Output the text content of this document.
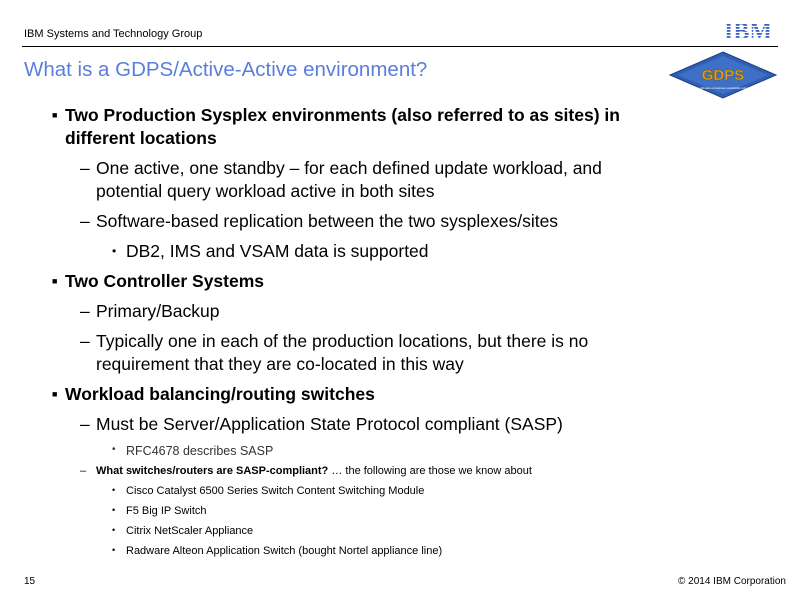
IBM Systems and Technology Group	IBM
What is a GDPS/Active-Active environment?	GDPS
The ultimate e-business availability solution
■ Two Production Sysplex environments (also referred to as sites) in different locations
– One active, one standby – for each defined update workload, and potential query workload active in both sites
– Software-based replication between the two sysplexes/sites
• DB2, IMS and VSAM data is supported
■ Two Controller Systems
– Primary/Backup
– Typically one in each of the production locations, but there is no requirement that they are co-located in this way
■ Workload balancing/routing switches
– Must be Server/Application State Protocol compliant (SASP)
• RFC4678 describes SASP
– What switches/routers are SASP-compliant? … the following are those we know about
• Cisco Catalyst 6500 Series Switch Content Switching Module
• F5 Big IP Switch
• Citrix NetScaler Appliance
• Radware Alteon Application Switch (bought Nortel appliance line)
15	© 2014 IBM Corporation
